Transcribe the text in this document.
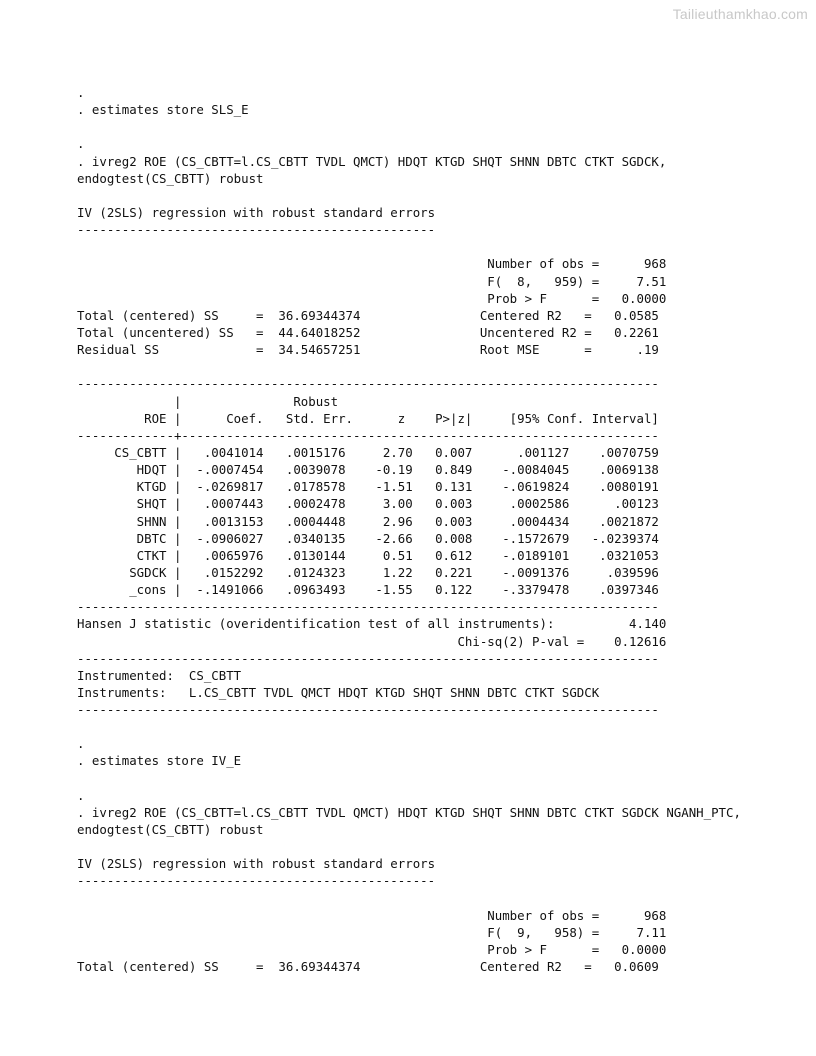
Tailieuthamkhao.com
.
. estimates store SLS_E
.
. ivreg2 ROE (CS_CBTT=l.CS_CBTT TVDL QMCT) HDQT KTGD SHQT SHNN DBTC CTKT SGDCK,
endogtest(CS_CBTT) robust
IV (2SLS) regression with robust standard errors
------------------------------------------------
Number of obs =      968
F(  8,   959) =     7.51
Prob > F      =   0.0000
Total (centered) SS     =  36.69344374                Centered R2   =   0.0585
Total (uncentered) SS   =  44.64018252                Uncentered R2 =   0.2261
Residual SS             =  34.54657251                Root MSE      =      .19
------------------------------------------------------------------------------
|               Robust
ROE |      Coef.   Std. Err.      z    P>|z|     [95% Conf. Interval]
-------------+----------------------------------------------------------------
CS_CBTT |   .0041014   .0015176     2.70   0.007      .001127    .0070759
HDQT |  -.0007454   .0039078    -0.19   0.849    -.0084045    .0069138
KTGD |  -.0269817   .0178578    -1.51   0.131    -.0619824    .0080191
SHQT |   .0007443   .0002478     3.00   0.003     .0002586      .00123
SHNN |   .0013153   .0004448     2.96   0.003     .0004434    .0021872
DBTC |  -.0906027   .0340135    -2.66   0.008    -.1572679   -.0239374
CTKT |   .0065976   .0130144     0.51   0.612    -.0189101    .0321053
SGDCK |   .0152292   .0124323     1.22   0.221    -.0091376     .039596
_cons |  -.1491066   .0963493    -1.55   0.122    -.3379478    .0397346
------------------------------------------------------------------------------
Hansen J statistic (overidentification test of all instruments):          4.140
Chi-sq(2) P-val =    0.12616
------------------------------------------------------------------------------
Instrumented:  CS_CBTT
Instruments:   L.CS_CBTT TVDL QMCT HDQT KTGD SHQT SHNN DBTC CTKT SGDCK
------------------------------------------------------------------------------
.
. estimates store IV_E
.
. ivreg2 ROE (CS_CBTT=l.CS_CBTT TVDL QMCT) HDQT KTGD SHQT SHNN DBTC CTKT SGDCK NGANH_PTC,
endogtest(CS_CBTT) robust
IV (2SLS) regression with robust standard errors
------------------------------------------------
Number of obs =      968
F(  9,   958) =     7.11
Prob > F      =   0.0000
Total (centered) SS     =  36.69344374                Centered R2   =   0.0609
